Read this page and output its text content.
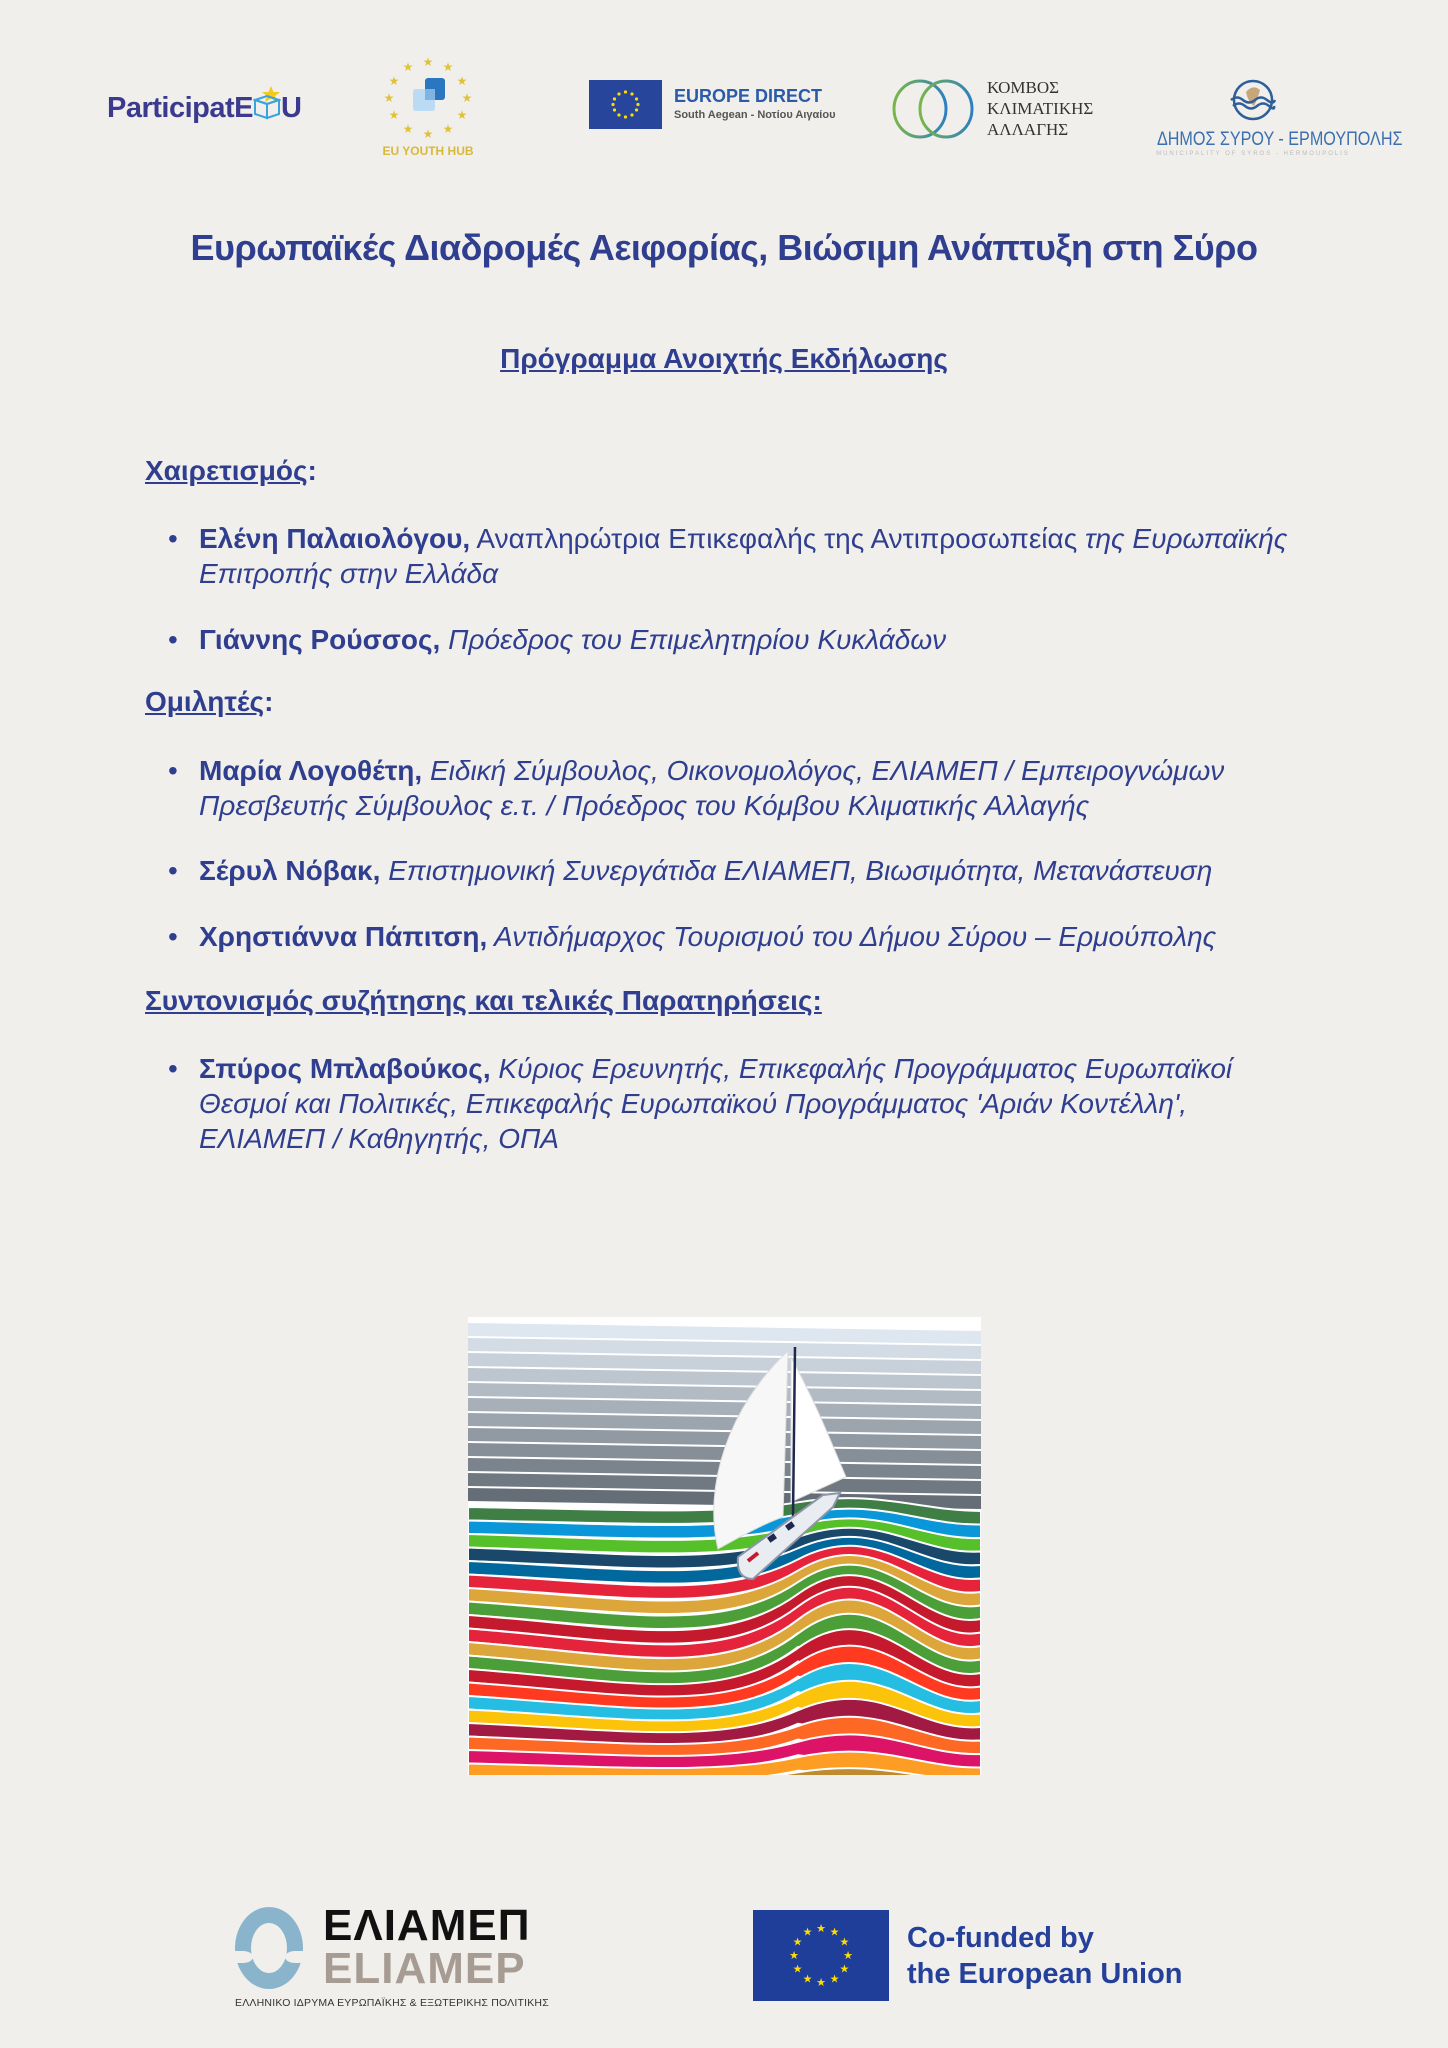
ParticipatE U
★
★ ★
★	★
★	★
★	★
★ ★
★
EU YOUTH HUB
EUROPE DIRECT
South Aegean - Νοτίου Αιγαίου
ΚΟΜΒΟΣ
ΚΛΙΜΑΤΙΚΗΣ
ΑΛΛΑΓΗΣ	ΔΗΜΟΣ ΣΥΡΟΥ - ΕΡΜΟΥΠΟΛΗΣ
MUNICIPALITY OF SYROS - HERMOUPOLIS
Ευρωπαϊκές Διαδρομές Αειφορίας, Βιώσιμη Ανάπτυξη στη Σύρο
Πρόγραμμα Ανοιχτής Εκδήλωσης
Χαιρετισμός:
• Ελένη Παλαιολόγου, Αναπληρώτρια Επικεφαλής της Αντιπροσωπείας της Ευρωπαϊκής Επιτροπής στην Ελλάδα
• Γιάννης Ρούσσος, Πρόεδρος του Επιμελητηρίου Κυκλάδων
Ομιλητές:
• Μαρία Λογοθέτη, Ειδική Σύμβουλος, Οικονομολόγος, ΕΛΙΑΜΕΠ / Εμπειρογνώμων Πρεσβευτής Σύμβουλος ε.τ. / Πρόεδρος του Κόμβου Κλιματικής Αλλαγής
• Σέρυλ Νόβακ, Επιστημονική Συνεργάτιδα ΕΛΙΑΜΕΠ, Βιωσιμότητα, Μετανάστευση
• Χρηστιάννα Πάπιτση, Αντιδήμαρχος Τουρισμού του Δήμου Σύρου – Ερμούπολης
Συντονισμός συζήτησης και τελικές Παρατηρήσεις:
• Σπύρος Μπλαβούκος, Κύριος Ερευνητής, Επικεφαλής Προγράμματος Ευρωπαϊκοί Θεσμοί και Πολιτικές, Επικεφαλής Ευρωπαϊκού Προγράμματος 'Αριάν Κοντέλλη', ΕΛΙΑΜΕΠ / Καθηγητής, ΟΠΑ
ΕΛΙΑΜΕΠ
ELIAMEP
ΕΛΛΗΝΙΚΟ ΙΔΡΥΜΑ ΕΥΡΩΠΑΪΚΗΣ & ΕΞΩΤΕΡΙΚΗΣ ΠΟΛΙΤΙΚΗΣ
★ ★
★
★
★
★
★
★
★
★
★
★	Co-funded by
the European Union
